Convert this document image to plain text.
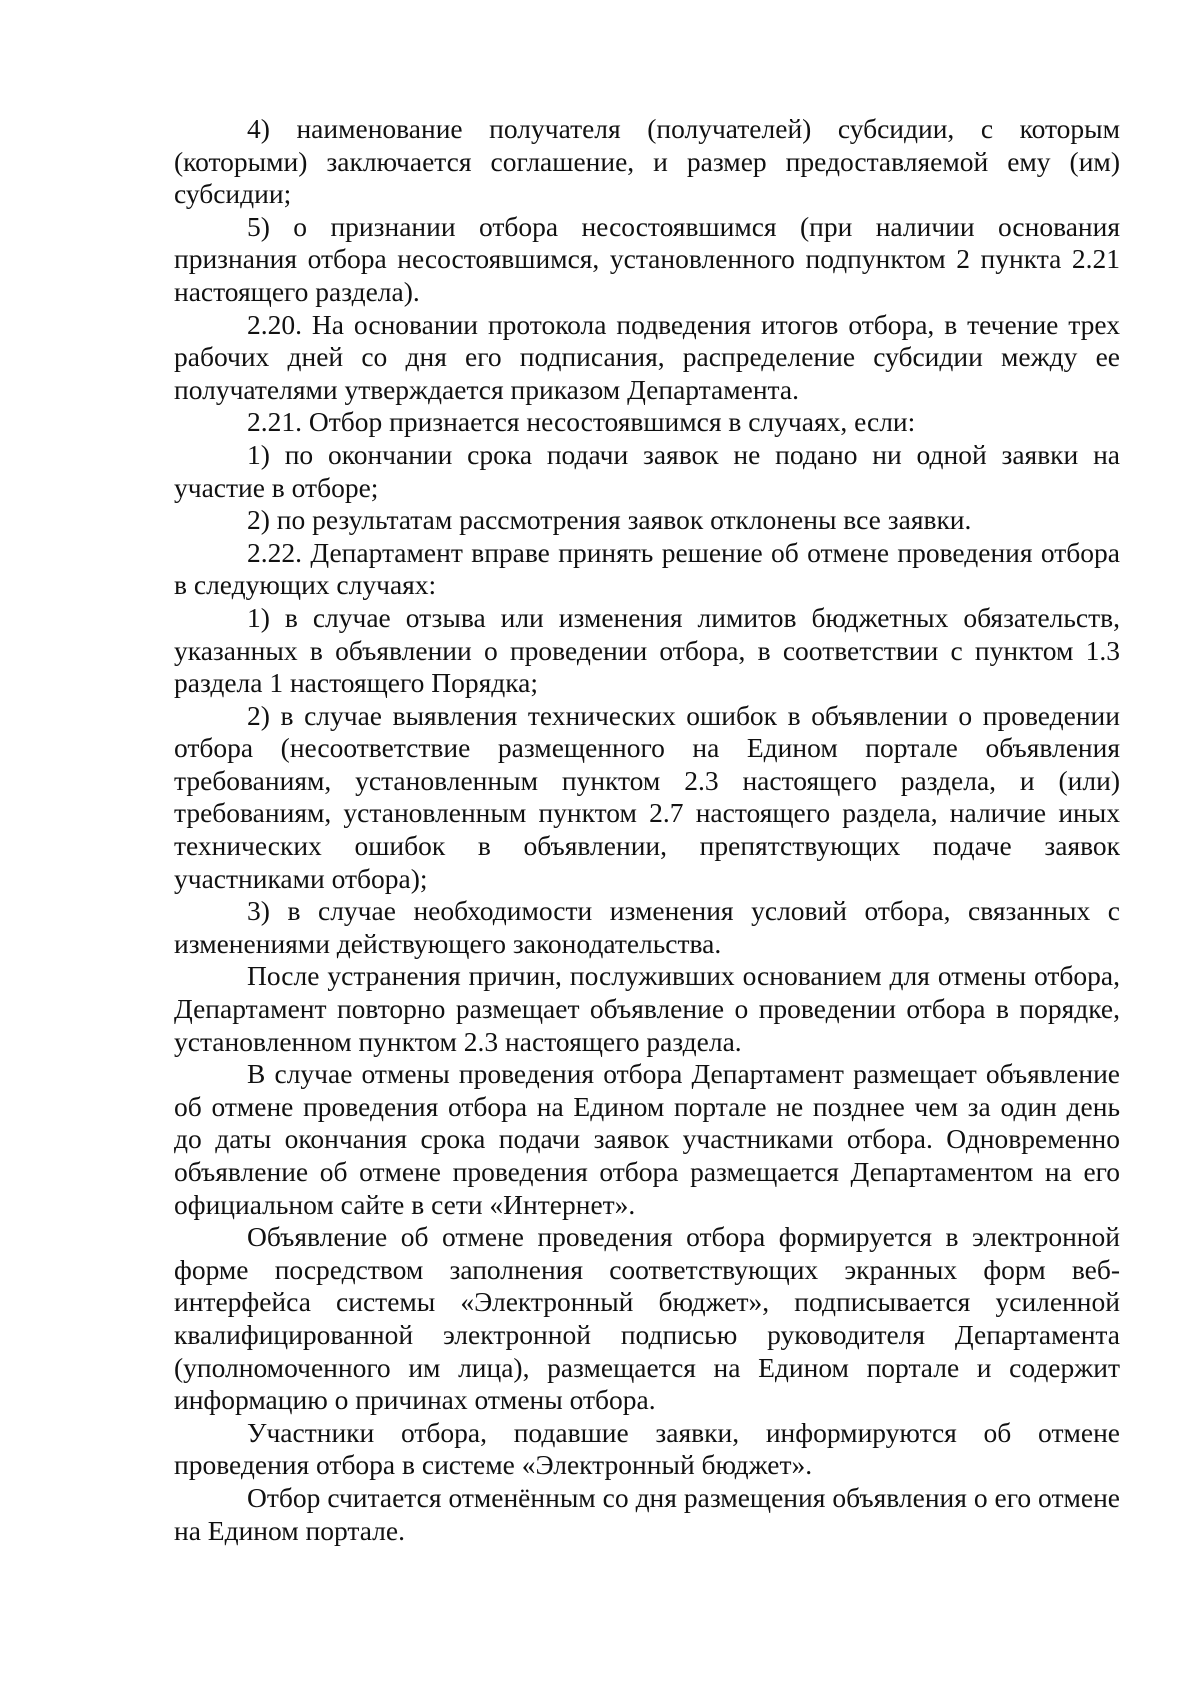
4) наименование получателя (получателей) субсидии, с которым (которыми) заключается соглашение, и размер предоставляемой ему (им) субсидии;

5) о признании отбора несостоявшимся (при наличии основания признания отбора несостоявшимся, установленного подпунктом 2 пункта 2.21 настоящего раздела).

2.20. На основании протокола подведения итогов отбора, в течение трех рабочих дней со дня его подписания, распределение субсидии между ее получателями утверждается приказом Департамента.

2.21. Отбор признается несостоявшимся в случаях, если:

1) по окончании срока подачи заявок не подано ни одной заявки на участие в отборе;

2) по результатам рассмотрения заявок отклонены все заявки.

2.22. Департамент вправе принять решение об отмене проведения отбора в следующих случаях:

1) в случае отзыва или изменения лимитов бюджетных обязательств, указанных в объявлении о проведении отбора, в соответствии с пунктом 1.3 раздела 1 настоящего Порядка;

2) в случае выявления технических ошибок в объявлении о проведении отбора (несоответствие размещенного на Едином портале объявления требованиям, установленным пунктом 2.3 настоящего раздела, и (или) требованиям, установленным пунктом 2.7 настоящего раздела, наличие иных технических ошибок в объявлении, препятствующих подаче заявок участниками отбора);

3) в случае необходимости изменения условий отбора, связанных с изменениями действующего законодательства.

После устранения причин, послуживших основанием для отмены отбора, Департамент повторно размещает объявление о проведении отбора в порядке, установленном пунктом 2.3 настоящего раздела.

В случае отмены проведения отбора Департамент размещает объявление об отмене проведения отбора на Едином портале не позднее чем за один день до даты окончания срока подачи заявок участниками отбора. Одновременно объявление об отмене проведения отбора размещается Департаментом на его официальном сайте в сети «Интернет».

Объявление об отмене проведения отбора формируется в электронной форме посредством заполнения соответствующих экранных форм веб-интерфейса системы «Электронный бюджет», подписывается усиленной квалифицированной электронной подписью руководителя Департамента (уполномоченного им лица), размещается на Едином портале и содержит информацию о причинах отмены отбора.

Участники отбора, подавшие заявки, информируются об отмене проведения отбора в системе «Электронный бюджет».

Отбор считается отменённым со дня размещения объявления о его отмене на Едином портале.
